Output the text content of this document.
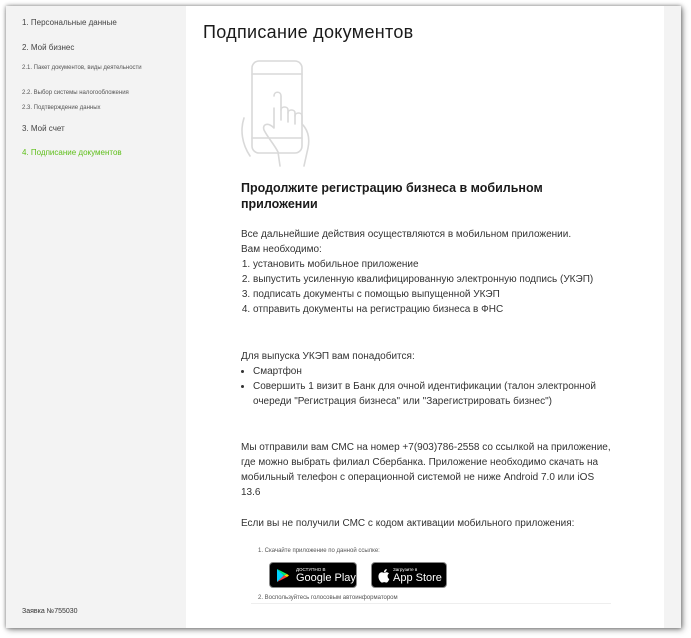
1. Персональные данные
2. Мой бизнес
2.1. Пакет документов, виды деятельности
2.2. Выбор системы налогообложения
2.3. Подтверждение данных
3. Мой счет
4. Подписание документов
Заявка №755030
Подписание документов
Продолжите регистрацию бизнеса в мобильном приложении
Все дальнейшие действия осуществляются в мобильном приложении.
Вам необходимо:
1. установить мобильное приложение
2. выпустить усиленную квалифицированную электронную подпись (УКЭП)
3. подписать документы с помощью выпущенной УКЭП
4. отправить документы на регистрацию бизнеса в ФНС
Для выпуска УКЭП вам понадобится:
• Смартфон
• Совершить 1 визит в Банк для очной идентификации (талон электронной очереди "Регистрация бизнеса" или "Зарегистрировать бизнес")
Мы отправили вам СМС на номер +7(903)786-2558 со ссылкой на приложение, где можно выбрать филиал Сбербанка. Приложение необходимо скачать на мобильный телефон с операционной системой не ниже Android 7.0 или iOS 13.6
Если вы не получили СМС с кодом активации мобильного приложения:
1. Скачайте приложение по данной ссылке:
ДОСТУПНО В
Google Play
Загрузите в
App Store
2. Воспользуйтесь голосовым автоинформатором
